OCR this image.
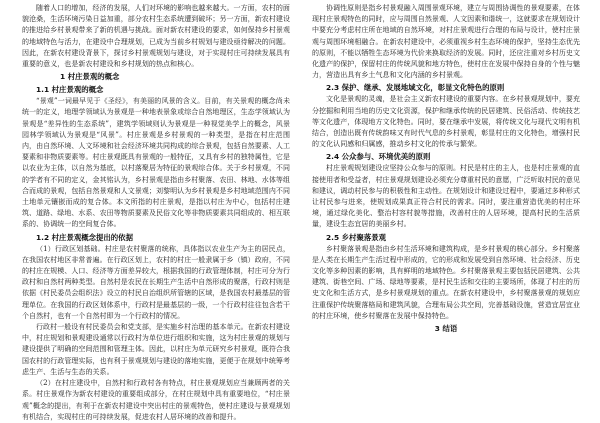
随着人口的增加，经济的发展，人们对环境的影响也越来越大。一方面，农村的面貌沧桑，生活环境污染日益加重，部分农村生态系统遭到破坏；另一方面，新农村建设的推进给乡村景观带来了新的机遇与挑战。面对新农村建设的要求，如何保持乡村景观的地域特色与活力，在建设中合理规划，已成为当前乡村规划与建设亟待解决的问题。因此，在新农村建设背景下，探讨乡村景观规划与建设，对于实现村庄可持续发展具有重要的意义，也是新农村建设和乡村规划的热点和核心。

1 村庄景观的概念
1.1 村庄景观的概念

“景观”一词最早见于《圣经》，有美丽的风景的含义。目前，有关景观的概念尚未统一的定义，地理学领域认为景观是一种地表景象或综合自然地理区，生态学领域认为景观是“差异性的生态系统”，建筑学领域则认为景观是一种视觉美学上的概念，风景园林学领域认为景观是“风景”。村庄景观是乡村景观的一种类型，是指在村庄范围内，由自然环境、人文环境和社会经济环境共同构成的综合景观，包括自然要素、人工要素和非物质要素等。村庄景观既具有景观的一般特征，又具有乡村的独特属性，它是以农业为主体，以自然为基底，以村落聚居为特征的景观综合体。关于乡村景观，不同的学者有不同的定义，金其铭认为，乡村景观是指由乡村聚落、农田、林地、水体等组合而成的景观，包括自然景观和人文景观；刘黎明认为乡村景观是乡村地域范围内不同土地单元镶嵌而成的复合体。本文所指的村庄景观，是指以村庄为中心，包括村庄建筑、道路、绿地、水系、农田等物质要素及民俗文化等非物质要素共同组成的、相互联系的、协调统一的空间复合体。

1.2 村庄景观概念提出的依据

（1）行政区划基础。村庄是农村聚落的统称，具体指以农业生产为主的居民点，在我国农村地区非常普遍。在行政区划上，农村的村庄一般隶属于乡（镇）政府，不同的村庄在规模、人口、经济等方面差异较大，根据我国的行政管理体制，村庄可分为行政村和自然村两种类型。自然村是农民在长期生产生活中自然形成的聚落，行政村则是依据《村民委员会组织法》设立的村民自治组织所管辖的区域，是我国农村最基层的管理单位。在我国的行政区划体系中，行政村是最基层的一级，一个行政村往往包含若干个自然村，也有一个自然村即为一个行政村的情况。

行政村一般设有村民委员会和党支部，是实施乡村治理的基本单元。在新农村建设中，村庄规划和景观建设通常以行政村为单位进行组织和实施，这为村庄景观的规划与建设提供了明确的空间范围和管理主体。因此，以村庄为单元研究乡村景观，既符合我国农村的行政管理实际，也有利于景观规划与建设的落地实施，更便于在规划中统筹考虑生产、生活与生态的关系。

（2）在村庄建设中，自然村和行政村各有特点，村庄景观规划应当兼顾两者的关系。村庄景观作为新农村建设的重要组成部分，在村庄规划中具有重要地位，“村庄景观”概念的提出，有利于在新农村建设中突出村庄的景观特色，使村庄建设与景观规划有机结合，实现村庄的可持续发展，促进农村人居环境的改善和提升。

协调性原则是指乡村景观融入周围景观环境，建立与周围协调性的景观要素，在体现村庄景观特色的同时，应与周围自然景观、人文因素和谐统一，这就要求在规划设计中要充分考虑村庄所在地域的自然环境，对村庄景观进行合理的布局与设计，使村庄景观与周围环境相融合。在新农村建设中，必须重视乡村生态环境的保护，坚持生态优先的原则，不能以牺牲生态环境为代价来换取经济的发展。同时，还应注重对乡村历史文化遗产的保护，保留村庄的传统风貌和地方特色，使村庄在发展中保持自身的个性与魅力，营造出具有乡土气息和文化内涵的乡村景观。

2.3 保护、继承、发展地域文化，彰显文化特色的原则

文化是景观的灵魂，是社会主义新农村建设的重要内容。在乡村景观规划中，要充分挖掘和利用当地的历史文化资源，保护和继承传统的民居建筑、民俗活动、传统技艺等文化遗产，体现地方文化特色。同时，要在继承中发展，将传统文化与现代文明有机结合，创造出既有传统韵味又有时代气息的乡村景观，彰显村庄的文化特色，增强村民的文化认同感和归属感，推动乡村文化的传承与繁荣。

2.4 公众参与、环境优美的原则

村庄景观规划建设应坚持公众参与的原则。村民是村庄的主人，也是村庄景观的直接使用者和受益者，村庄景观规划建设必须充分尊重村民的意愿，广泛听取村民的意见和建议，调动村民参与的积极性和主动性。在规划设计和建设过程中，要通过多种形式让村民参与进来，使规划成果真正符合村民的需求。同时，要注重营造优美的村庄环境，通过绿化美化、整治村容村貌等措施，改善村庄的人居环境，提高村民的生活质量，建设生态宜居的美丽乡村。

2.5 乡村聚落景观

乡村聚落景观是指由乡村生活环境和建筑构成，是乡村景观的核心部分。乡村聚落是人类在长期生产生活过程中形成的，它的形成和发展受到自然环境、社会经济、历史文化等多种因素的影响，具有鲜明的地域特色。乡村聚落景观主要包括民居建筑、公共建筑、街巷空间、广场、绿地等要素，是村民生活和交往的主要场所，体现了村庄的历史文化和生活方式，是乡村景观规划的重点。在新农村建设中，乡村聚落景观的规划应注重保护传统聚落格局和建筑风貌，合理布局公共空间，完善基础设施，营造宜居宜业的村庄环境，使乡村聚落在发展中保持特色。

3 结语
